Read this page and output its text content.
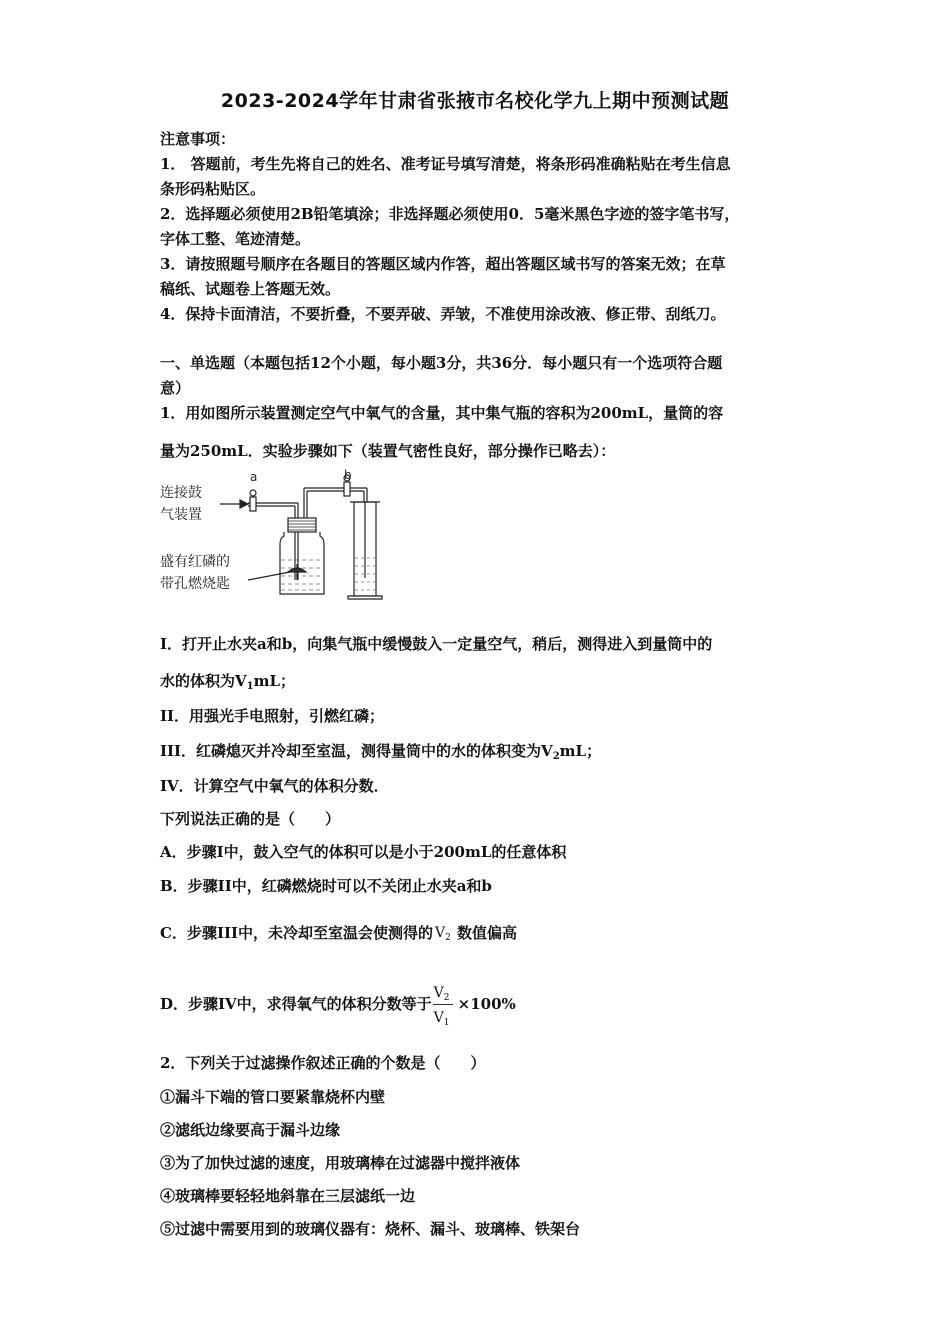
2023-2024学年甘肃省张掖市名校化学九上期中预测试题
注意事项：
1． 答题前，考生先将自己的姓名、准考证号填写清楚，将条形码准确粘贴在考生信息
条形码粘贴区。
2．选择题必须使用2B铅笔填涂；非选择题必须使用0．5毫米黑色字迹的签字笔书写，
字体工整、笔迹清楚。
3．请按照题号顺序在各题目的答题区域内作答，超出答题区域书写的答案无效；在草
稿纸、试题卷上答题无效。
4．保持卡面清洁，不要折叠，不要弄破、弄皱，不准使用涂改液、修正带、刮纸刀。
一、单选题（本题包括12个小题，每小题3分，共36分．每小题只有一个选项符合题
意）
1．用如图所示装置测定空气中氧气的含量，其中集气瓶的容积为200mL，量筒的容
量为250mL．实验步骤如下（装置气密性良好，部分操作已略去）：
a	b
连接鼓
气装置
盛有红磷的
带孔燃烧匙
I．打开止水夹a和b，向集气瓶中缓慢鼓入一定量空气，稍后，测得进入到量筒中的
水的体积为$V_1mL$；
II．用强光手电照射，引燃红磷；
III．红磷熄灭并冷却至室温，测得量筒中的水的体积变为$V_2mL$；
IV．计算空气中氧气的体积分数．
下列说法正确的是（　　）
A．步骤I中，鼓入空气的体积可以是小于200mL的任意体积
B．步骤II中，红磷燃烧时可以不关闭止水夹a和b
C．步骤III中，未冷却至室温会使测得的 $V_2$ 数值偏高
D．步骤IV中，求得氧气的体积分数等于
$\frac{V_2}{V_1}$
×100%
2．下列关于过滤操作叙述正确的个数是（　　）
①漏斗下端的管口要紧靠烧杯内壁
②滤纸边缘要高于漏斗边缘
③为了加快过滤的速度，用玻璃棒在过滤器中搅拌液体
④玻璃棒要轻轻地斜靠在三层滤纸一边
⑤过滤中需要用到的玻璃仪器有：烧杯、漏斗、玻璃棒、铁架台
